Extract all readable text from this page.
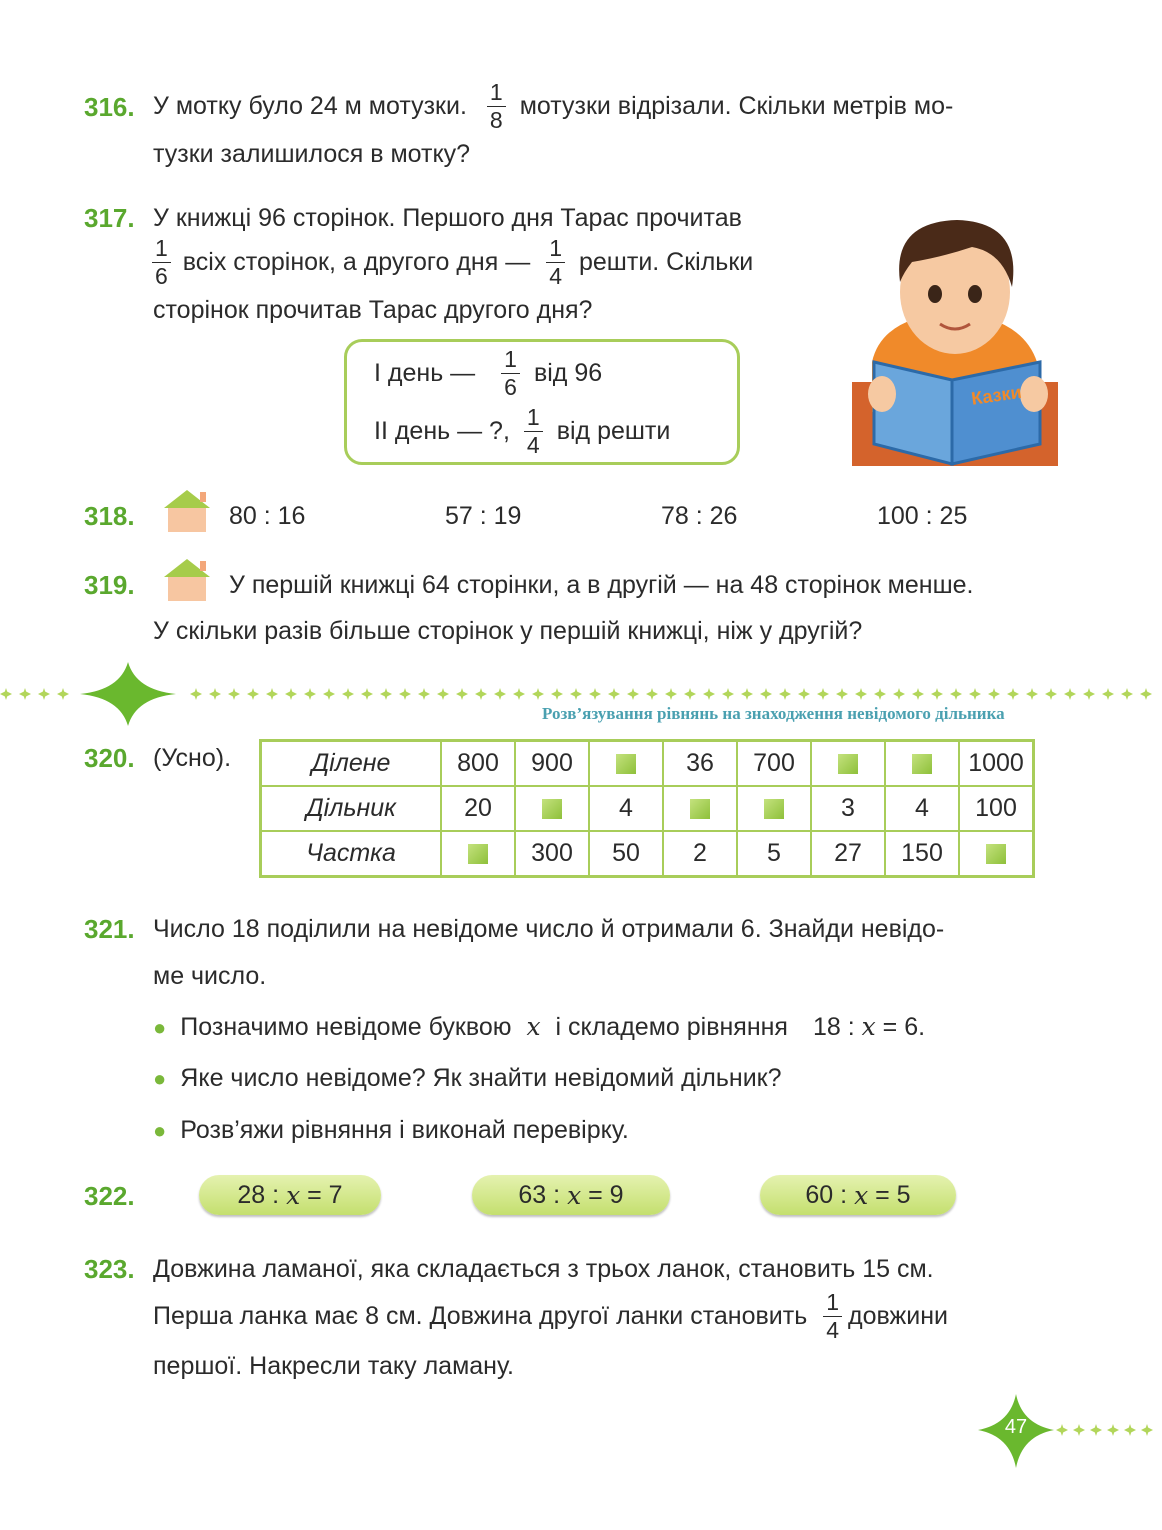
316. У мотку було 24 м мотузки. $\frac{1}{8}$ мотузки відрізали. Скільки метрів мо-
тузки залишилося в мотку?
317. У книжці 96 сторінок. Першого дня Тарас прочитав
$\frac{1}{6}$ всіх сторінок, а другого дня — $\frac{1}{4}$ решти. Скільки
сторінок прочитав Тарас другого дня?
І день — $\frac{1}{6}$ від 96
ІІ день — ?, $\frac{1}{4}$ від решти
Казки
318.	80 : 16	57 : 19	78 : 26	100 : 25
319.	У першій книжці 64 сторінки, а в другій — на 48 сторінок менше.
У скільки разів більше сторінок у першій книжці, ніж у другій?
Розв’язування рівнянь на знаходження невідомого дільника
320. (Усно).	Ділене	800	900		36	700			1000
Дільник	20		4			3	4	100
Частка		300	50	2	5	27	150	
321. Число 18 поділили на невідоме число й отримали 6. Знайди невідо-
ме число.
● Позначимо невідоме буквою x і складемо рівняння 18 : x = 6.
● Яке число невідоме? Як знайти невідомий дільник?
● Розв’яжи рівняння і виконай перевірку.
322.	28 :
x
= 7	63 :
x
= 9	60 :
x
= 5
323. Довжина ламаної, яка складається з трьох ланок, становить 15 см.
Перша ланка має 8 см. Довжина другої ланки становить $\frac{1}{4}$ довжини
першої. Накресли таку ламану.
47
